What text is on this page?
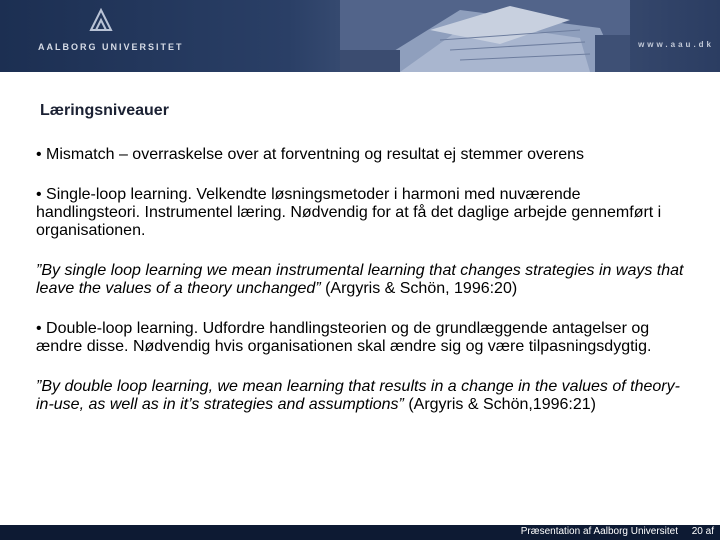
AALBORG UNIVERSITET	www.aau.dk
Læringsniveauer

• Mismatch – overraskelse over at forventning og resultat ej stemmer overens

• Single-loop learning. Velkendte løsningsmetoder i harmoni med nuværende handlingsteori. Instrumentel læring. Nødvendig for at få det daglige arbejde gennemført i organisationen.

”By single loop learning we mean instrumental learning that changes strategies in ways that leave the values of a theory unchanged” (Argyris & Schön, 1996:20)

• Double-loop learning. Udfordre handlingsteorien og de grundlæggende antagelser og ændre disse. Nødvendig hvis organisationen skal ændre sig og være tilpasningsdygtig.

”By double loop learning, we mean learning that results in a change in the values of theory-in-use, as well as in it’s strategies and assumptions” (Argyris & Schön,1996:21)

Præsentation af Aalborg Universitet 20 af
